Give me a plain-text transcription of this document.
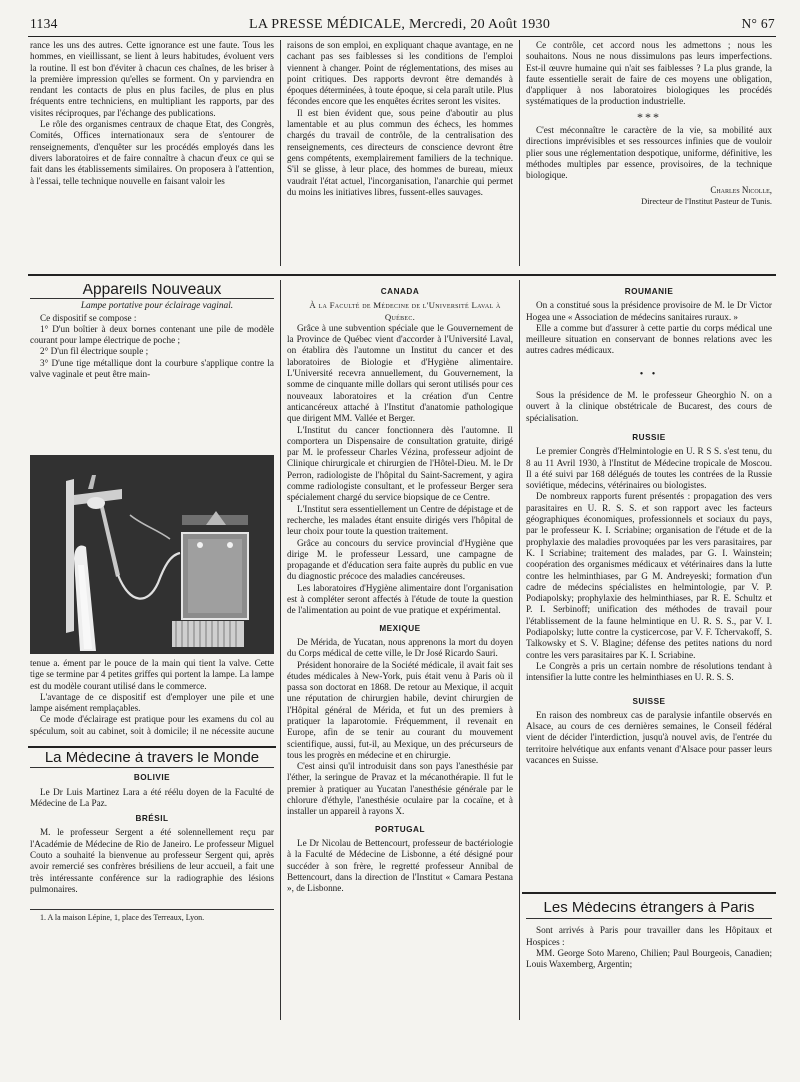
1134	LA PRESSE MÉDICALE, Mercredi, 20 Août 1930	N° 67

rance les uns des autres. Cette ignorance est une faute. Tous les hommes, en vieillissant, se lient à leurs habitudes, évoluent vers la routine. Il est bon d'éviter à chacun ces chaînes, de les briser à la première impression qu'elles se forment. On y parviendra en rendant les contacts de plus en plus faciles, de plus en plus fréquents entre techniciens, en multipliant les rapports, par des visites réciproques, par l'échange des publications.

Le rôle des organismes centraux de chaque Etat, des Congrès, Comités, Offices internationaux sera de s'entourer de renseignements, d'enquêter sur les procédés employés dans les divers laboratoires et de faire connaître à chacun d'eux ce qui se fait dans les établissements similaires. On proposera à l'attention, à l'essai, telle technique nouvelle en faisant valoir les

raisons de son emploi, en expliquant chaque avantage, en ne cachant pas ses faiblesses si les conditions de l'emploi viennent à changer. Point de réglementations, des mises au point critiques. Des rapports devront être demandés à époques déterminées, à toute époque, si cela paraît utile. Plus fécondes encore que les enquêtes écrites seront les visites.

Il est bien évident que, sous peine d'aboutir au plus lamentable et au plus commun des échecs, les hommes chargés du travail de contrôle, de la centralisation des renseignements, ces directeurs de conscience devront être gens compétents, exemplairement familiers de la technique. S'il se glisse, à leur place, des hommes de bureau, mieux vaudrait l'état actuel, l'incorganisation, l'anarchie qui permet du moins les initiatives libres, fussent-elles sauvages.

Ce contrôle, cet accord nous les admettons ; nous les souhaitons. Nous ne nous dissimulons pas leurs imperfections. Est-il œuvre humaine qui n'ait ses faiblesses ? La plus grande, la faute essentielle serait de faire de ces moyens une obligation, d'appliquer à nos laboratoires biologiques les procédés systématiques de la production industrielle.

***

C'est méconnaître le caractère de la vie, sa mobilité aux directions imprévisibles et ses ressources infinies que de vouloir plier sous une réglementation despotique, uniforme, définitive, les méthodes multiples par essence, provisoires, de la technique biologique.

Charles Nicolle,

Directeur de l'Institut Pasteur de Tunis.

Appareils Nouveaux

Lampe portative pour éclairage vaginal.

Ce dispositif se compose :

1° D'un boîtier à deux bornes contenant une pile de modèle courant pour lampe électrique de poche ;

2° D'un fil électrique souple ;

3° D'une tige métallique dont la courbure s'applique contre la valve vaginale et peut être main-

tenue a. ément par le pouce de la main qui tient la valve. Cette tige se termine par 4 petites griffes qui portent la lampe. La lampe est du modèle courant utilisé dans le commerce.

L'avantage de ce dispositif est d'employer une pile et une lampe aisément remplaçables.

Ce mode d'éclairage est pratique pour les examens du col au spéculum, soit au cabinet, soit à domicile; il ne nécessite aucune

La Médecine à travers le Monde
BOLIVIE

Le Dr Luis Martinez Lara a été réélu doyen de la Faculté de Médecine de La Paz.

BRÉSIL

M. le professeur Sergent a été solennellement reçu par l'Académie de Médecine de Rio de Janeiro. Le professeur Miguel Couto a souhaité la bienvenue au professeur Sergent qui, après avoir remercié ses confrères brésiliens de leur accueil, a fait une très intéressante conférence sur la radiographie des lésions pulmonaires.

1. A la maison Lépine, 1, place des Terreaux, Lyon.

CANADA

À la Faculté de Médecine de l'Université Laval à Québec.

Grâce à une subvention spéciale que le Gouvernement de la Province de Québec vient d'accorder à l'Université Laval, on établira dès l'automne un Institut du cancer et des laboratoires de Biologie et d'Hygiène alimentaire. L'Université recevra annuellement, du Gouvernement, la somme de cinquante mille dollars qui seront utilisés pour ces nouveaux laboratoires et la création d'un Centre anticancéreux attaché à l'Institut d'anatomie pathologique que dirigent MM. Vallée et Berger.

L'Institut du cancer fonctionnera dès l'automne. Il comportera un Dispensaire de consultation gratuite, dirigé par M. le professeur Charles Vézina, professeur adjoint de Clinique chirurgicale et chirurgien de l'Hôtel-Dieu. M. le Dr Perron, radiologiste de l'hôpital du Saint-Sacrement, y agira comme radiologiste consultant, et le professeur Berger sera spécialement chargé du service biopsique de ce Centre.

L'Institut sera essentiellement un Centre de dépistage et de recherche, les malades étant ensuite dirigés vers l'hôpital de leur choix pour toute la question traitement.

Grâce au concours du service provincial d'Hygiène que dirige M. le professeur Lessard, une campagne de propagande et d'éducation sera faite auprès du public en vue du diagnostic précoce des maladies cancéreuses.

Les laboratoires d'Hygiène alimentaire dont l'organisation est à compléter seront affectés à l'étude de toute la question de l'alimentation au point de vue pratique et expérimental.

MEXIQUE

De Mérida, de Yucatan, nous apprenons la mort du doyen du Corps médical de cette ville, le Dr José Ricardo Sauri.

Président honoraire de la Société médicale, il avait fait ses études médicales à New-York, puis était venu à Paris où il passa son doctorat en 1868. De retour au Mexique, il acquit une réputation de chirurgien habile, devint chirurgien de l'Hôpital général de Mérida, et fut un des premiers à pratiquer la laparotomie. Fréquemment, il revenait en Europe, afin de se tenir au courant du mouvement scientifique, aussi, fut-il, au Mexique, un des précurseurs de tous les progrès en médecine et en chirurgie.

C'est ainsi qu'il introduisit dans son pays l'anesthésie par l'éther, la seringue de Pravaz et la mécanothérapie. Il fut le premier à pratiquer au Yucatan l'anesthésie générale par le chlorure d'éthyle, l'anesthésie oculaire par la cocaïne, et à installer un appareil à rayons X.

PORTUGAL

Le Dr Nicolau de Bettencourt, professeur de bactériologie à la Faculté de Médecine de Lisbonne, a été désigné pour succéder à son frère, le regretté professeur Annibal de Bettencourt, dans la direction de l'Institut « Camara Pestana », de Lisbonne.

ROUMANIE

On a constitué sous la présidence provisoire de M. le Dr Victor Hogea une « Association de médecins sanitaires ruraux. »

Elle a comme but d'assurer à cette partie du corps médical une meilleure situation en conservant de bonnes relations avec les autres cadres médicaux.

• •

Sous la présidence de M. le professeur Gheorghio N. on a ouvert à la clinique obstétricale de Bucarest, des cours de spécialisation.

RUSSIE

Le premier Congrès d'Helmintologie en U. R S S. s'est tenu, du 8 au 11 Avril 1930, à l'Institut de Médecine tropicale de Moscou. Il a été suivi par 168 délégués de toutes les contrées de la Russie soviétique, médecins, vétérinaires ou biologistes.

De nombreux rapports furent présentés : propagation des vers parasitaires en U. R. S. S. et son rapport avec les facteurs géographiques économiques, professionnels et sociaux du pays, par le professeur K. I. Scriabine; organisation de l'étude et de la prophylaxie des maladies provoquées par les vers parasitaires, par K. I Scriabine; traitement des malades, par G. I. Wainstein; coopération des organismes médicaux et vétérinaires dans la lutte contre les helminthiases, par G M. Andreyeski; formation d'un cadre de médecins spécialistes en helmintologie, par V. P. Podiapolsky; prophylaxie des helminthiases, par R. E. Schultz et P. I. Serbinoff; unification des méthodes de travail pour l'établissement de la faune helmintique en U. R. S. S., par V. I. Podiapolsky; lutte contre la cysticercose, par V. F. Tchervakoff, S. Talkowsky et S. V. Blagine; défense des petites nations du nord contre les vers parasitaires par K. I. Scriabine.

Le Congrès a pris un certain nombre de résolutions tendant à intensifier la lutte contre les helminthiases en U. R. S. S.

SUISSE

En raison des nombreux cas de paralysie infantile observés en Alsace, au cours de ces dernières semaines, le Conseil fédéral vient de décider l'interdiction, jusqu'à nouvel avis, de l'entrée du territoire helvétique aux enfants venant d'Alsace pour passer leurs vacances en Suisse.

Les Médecins étrangers à Paris

Sont arrivés à Paris pour travailler dans les Hôpitaux et Hospices :

MM. George Soto Mareno, Chilien; Paul Bourgeois, Canadien; Louis Waxemberg, Argentin;
